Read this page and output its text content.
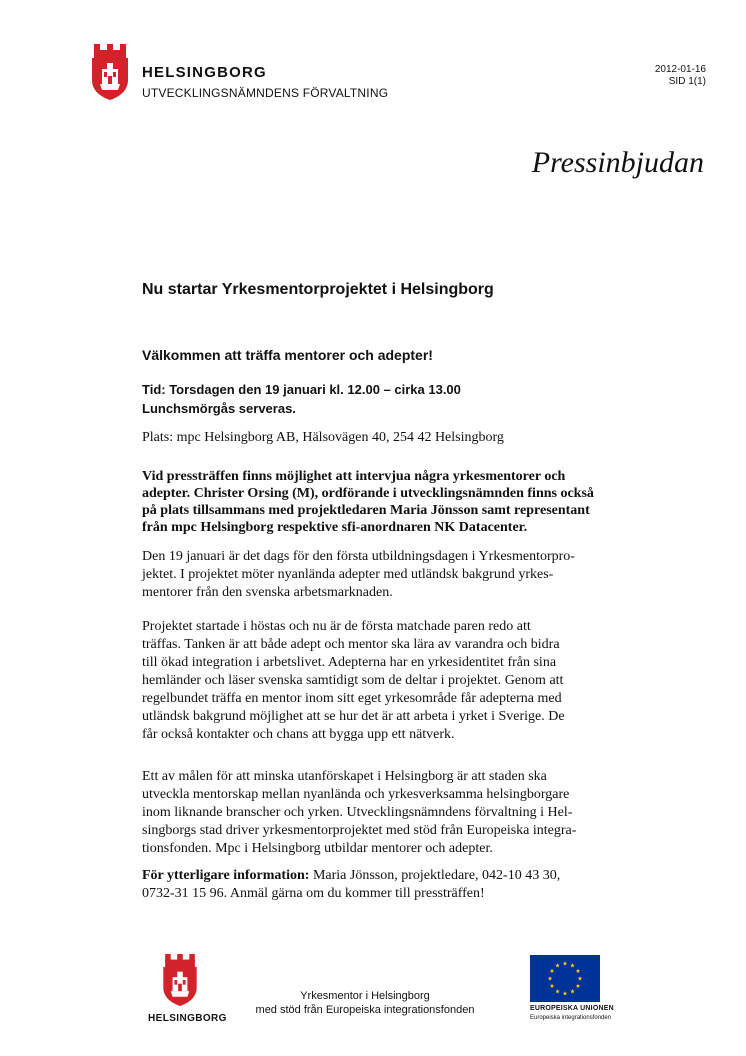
HELSINGBORG
UTVECKLINGSNÄMNDENS FÖRVALTNING
2012-01-16
SID 1(1)
Pressinbjudan
Nu startar Yrkesmentorprojektet i Helsingborg
Välkommen att träffa mentorer och adepter!
Tid: Torsdagen den 19 januari kl. 12.00 – cirka 13.00
Lunchsmörgås serveras.
Plats: mpc Helsingborg AB, Hälsovägen 40, 254 42 Helsingborg

Vid pressträffen finns möjlighet att intervjua några yrkesmentorer och
adepter. Christer Orsing (M), ordförande i utvecklingsnämnden finns också
på plats tillsammans med projektledaren Maria Jönsson samt representant
från mpc Helsingborg respektive sfi-anordnaren NK Datacenter.

Den 19 januari är det dags för den första utbildningsdagen i Yrkesmentorpro-
jektet. I projektet möter nyanlända adepter med utländsk bakgrund yrkes-
mentorer från den svenska arbetsmarknaden.

Projektet startade i höstas och nu är de första matchade paren redo att
träffas. Tanken är att både adept och mentor ska lära av varandra och bidra
till ökad integration i arbetslivet. Adepterna har en yrkesidentitet från sina
hemländer och läser svenska samtidigt som de deltar i projektet. Genom att
regelbundet träffa en mentor inom sitt eget yrkesområde får adepterna med
utländsk bakgrund möjlighet att se hur det är att arbeta i yrket i Sverige. De
får också kontakter och chans att bygga upp ett nätverk.

Ett av målen för att minska utanförskapet i Helsingborg är att staden ska
utveckla mentorskap mellan nyanlända och yrkesverksamma helsingborgare
inom liknande branscher och yrken. Utvecklingsnämndens förvaltning i Hel-
singborgs stad driver yrkesmentorprojektet med stöd från Europeiska integra-
tionsfonden. Mpc i Helsingborg utbildar mentorer och adepter.

För ytterligare information: Maria Jönsson, projektledare, 042-10 43 30,
0732-31 15 96. Anmäl gärna om du kommer till pressträffen!

HELSINGBORG
Yrkesmentor i Helsingborg
med stöd från Europeiska integrationsfonden	EUROPEISKA UNIONEN
Europeiska integrationsfonden
